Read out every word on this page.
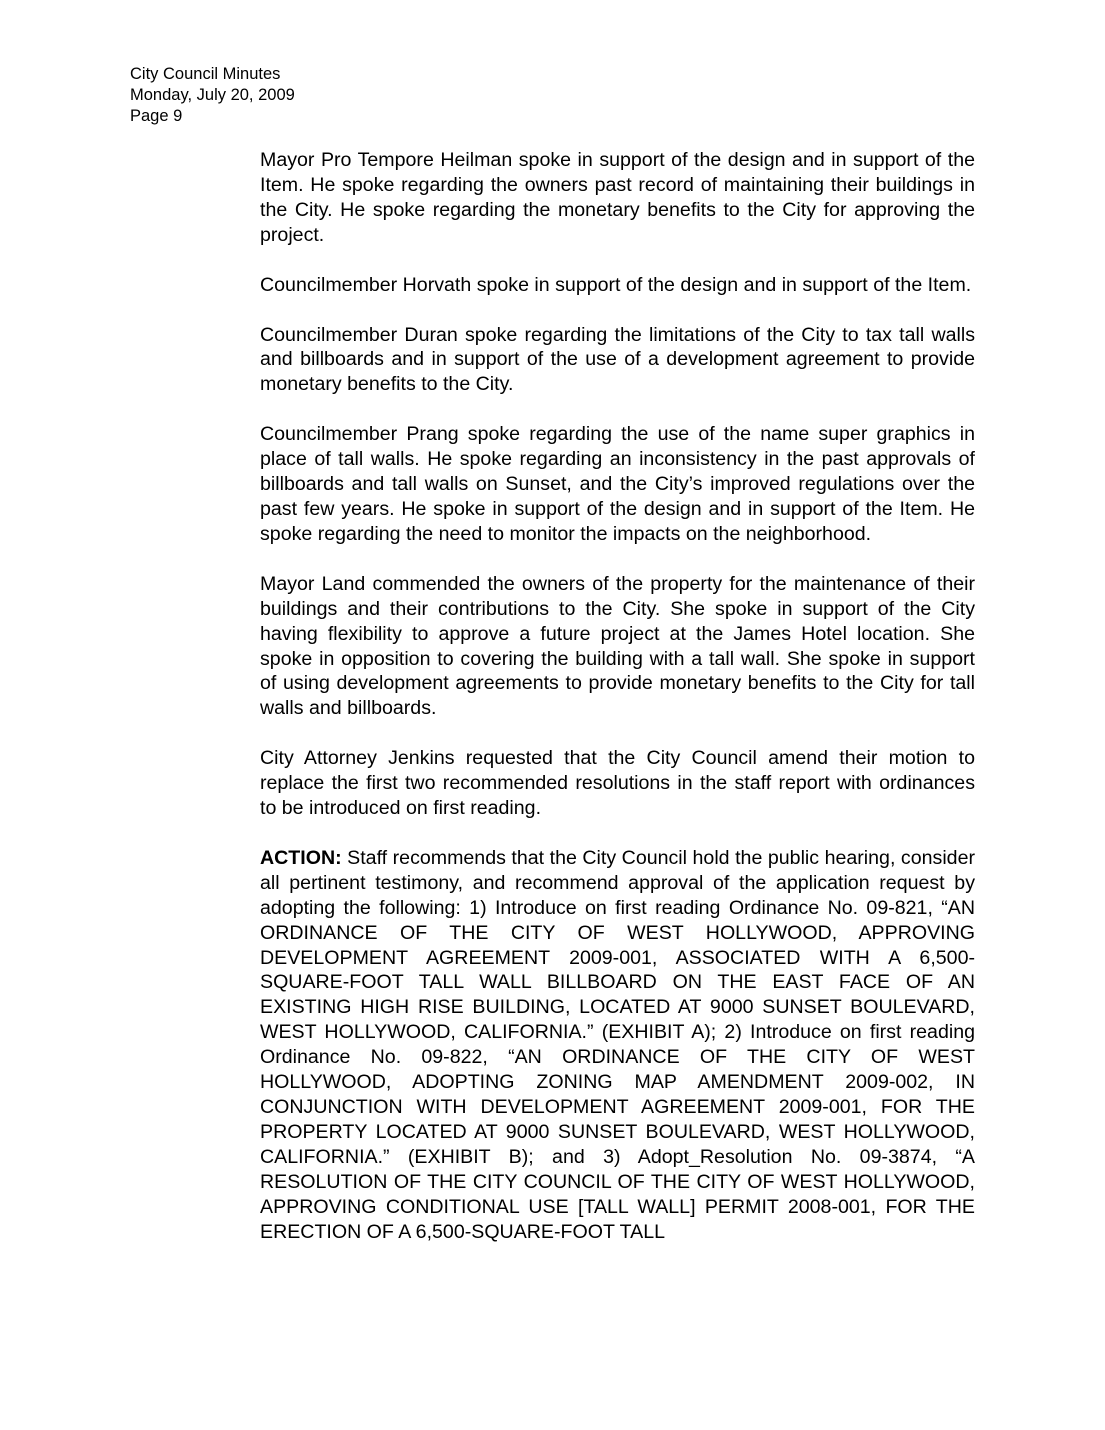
City Council Minutes
Monday, July 20, 2009
Page 9

Mayor Pro Tempore Heilman spoke in support of the design and in support of the Item. He spoke regarding the owners past record of maintaining their buildings in the City. He spoke regarding the monetary benefits to the City for approving the project.

Councilmember Horvath spoke in support of the design and in support of the Item.

Councilmember Duran spoke regarding the limitations of the City to tax tall walls and billboards and in support of the use of a development agreement to provide monetary benefits to the City.

Councilmember Prang spoke regarding the use of the name super graphics in place of tall walls. He spoke regarding an inconsistency in the past approvals of billboards and tall walls on Sunset, and the City’s improved regulations over the past few years. He spoke in support of the design and in support of the Item. He spoke regarding the need to monitor the impacts on the neighborhood.

Mayor Land commended the owners of the property for the maintenance of their buildings and their contributions to the City. She spoke in support of the City having flexibility to approve a future project at the James Hotel location. She spoke in opposition to covering the building with a tall wall. She spoke in support of using development agreements to provide monetary benefits to the City for tall walls and billboards.

City Attorney Jenkins requested that the City Council amend their motion to replace the first two recommended resolutions in the staff report with ordinances to be introduced on first reading.

ACTION: Staff recommends that the City Council hold the public hearing, consider all pertinent testimony, and recommend approval of the application request by adopting the following: 1) Introduce on first reading Ordinance No. 09-821, “AN ORDINANCE OF THE CITY OF WEST HOLLYWOOD, APPROVING DEVELOPMENT AGREEMENT 2009-001, ASSOCIATED WITH A 6,500-SQUARE-FOOT TALL WALL BILLBOARD ON THE EAST FACE OF AN EXISTING HIGH RISE BUILDING, LOCATED AT 9000 SUNSET BOULEVARD, WEST HOLLYWOOD, CALIFORNIA.” (EXHIBIT A); 2) Introduce on first reading Ordinance No. 09-822, “AN ORDINANCE OF THE CITY OF WEST HOLLYWOOD, ADOPTING ZONING MAP AMENDMENT 2009-002, IN CONJUNCTION WITH DEVELOPMENT AGREEMENT 2009-001, FOR THE PROPERTY LOCATED AT 9000 SUNSET BOULEVARD, WEST HOLLYWOOD, CALIFORNIA.” (EXHIBIT B); and 3) Adopt_Resolution No. 09-3874, “A RESOLUTION OF THE CITY COUNCIL OF THE CITY OF WEST HOLLYWOOD, APPROVING CONDITIONAL USE [TALL WALL] PERMIT 2008-001, FOR THE ERECTION OF A 6,500-SQUARE-FOOT TALL
